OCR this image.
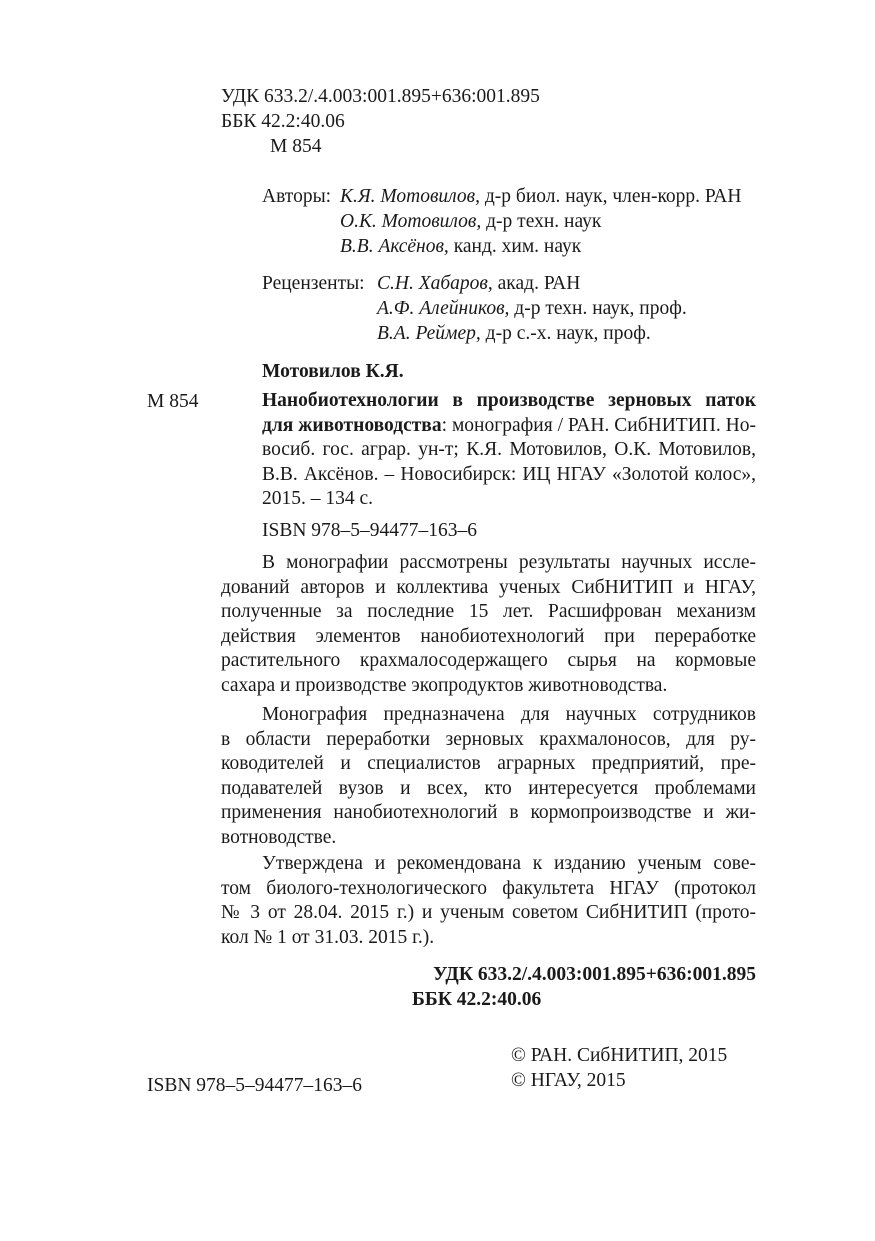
УДК 633.2/.4.003:001.895+636:001.895
ББК 42.2:40.06
М 854
Авторы: К.Я. Мотовилов, д-р биол. наук, член-корр. РАН
О.К. Мотовилов, д-р техн. наук
В.В. Аксёнов, канд. хим. наук
Рецензенты: С.Н. Хабаров, акад. РАН
А.Ф. Алейников, д-р техн. наук, проф.
В.А. Реймер, д-р с.-х. наук, проф.
Мотовилов К.Я.
М 854	Нанобиотехнологии в производстве зерновых паток
для животноводства: монография / РАН. СибНИТИП. Но-
восиб. гос. аграр. ун-т; К.Я. Мотовилов, О.К. Мотовилов,
В.В. Аксёнов. – Новосибирск: ИЦ НГАУ «Золотой колос»,
2015. – 134 с.
ISBN 978–5–94477–163–6
В монографии рассмотрены результаты научных иссле-
дований авторов и коллектива ученых СибНИТИП и НГАУ,
полученные за последние 15 лет. Расшифрован механизм
действия элементов нанобиотехнологий при переработке
растительного крахмалосодержащего сырья на кормовые
сахара и производстве экопродуктов животноводства.
Монография предназначена для научных сотрудников
в области переработки зерновых крахмалоносов, для ру-
ководителей и специалистов аграрных предприятий, пре-
подавателей вузов и всех, кто интересуется проблемами
применения нанобиотехнологий в кормопроизводстве и жи-
вотноводстве.
Утверждена и рекомендована к изданию ученым сове-
том биолого-технологического факультета НГАУ (протокол
№ 3 от 28.04. 2015 г.) и ученым советом СибНИТИП (прото-
кол № 1 от 31.03. 2015 г.).
УДК 633.2/.4.003:001.895+636:001.895
ББК 42.2:40.06
ISBN 978–5–94477–163–6
© РАН. СибНИТИП, 2015
© НГАУ, 2015
